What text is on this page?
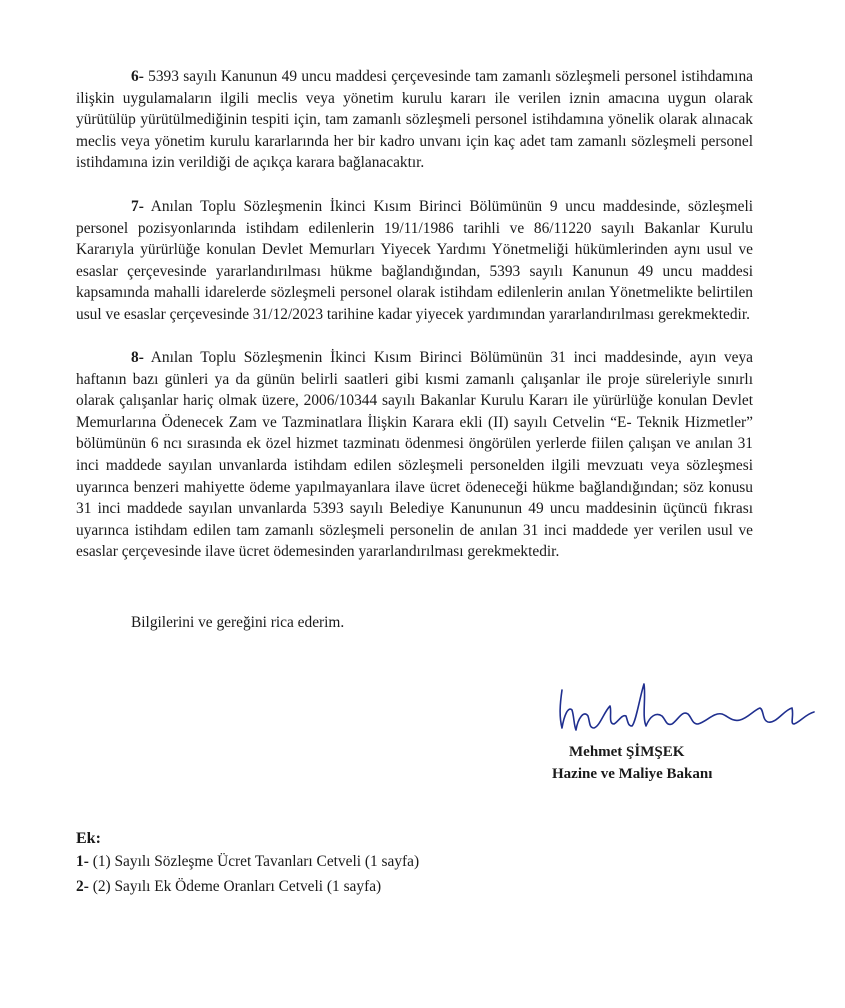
6- 5393 sayılı Kanunun 49 uncu maddesi çerçevesinde tam zamanlı sözleşmeli personel istihdamına ilişkin uygulamaların ilgili meclis veya yönetim kurulu kararı ile verilen iznin amacına uygun olarak yürütülüp yürütülmediğinin tespiti için, tam zamanlı sözleşmeli personel istihdamına yönelik olarak alınacak meclis veya yönetim kurulu kararlarında her bir kadro unvanı için kaç adet tam zamanlı sözleşmeli personel istihdamına izin verildiği de açıkça karara bağlanacaktır.

7- Anılan Toplu Sözleşmenin İkinci Kısım Birinci Bölümünün 9 uncu maddesinde, sözleşmeli personel pozisyonlarında istihdam edilenlerin 19/11/1986 tarihli ve 86/11220 sayılı Bakanlar Kurulu Kararıyla yürürlüğe konulan Devlet Memurları Yiyecek Yardımı Yönetmeliği hükümlerinden aynı usul ve esaslar çerçevesinde yararlandırılması hükme bağlandığından, 5393 sayılı Kanunun 49 uncu maddesi kapsamında mahalli idarelerde sözleşmeli personel olarak istihdam edilenlerin anılan Yönetmelikte belirtilen usul ve esaslar çerçevesinde 31/12/2023 tarihine kadar yiyecek yardımından yararlandırılması gerekmektedir.

8- Anılan Toplu Sözleşmenin İkinci Kısım Birinci Bölümünün 31 inci maddesinde, ayın veya haftanın bazı günleri ya da günün belirli saatleri gibi kısmi zamanlı çalışanlar ile proje süreleriyle sınırlı olarak çalışanlar hariç olmak üzere, 2006/10344 sayılı Bakanlar Kurulu Kararı ile yürürlüğe konulan Devlet Memurlarına Ödenecek Zam ve Tazminatlara İlişkin Karara ekli (II) sayılı Cetvelin “E- Teknik Hizmetler” bölümünün 6 ncı sırasında ek özel hizmet tazminatı ödenmesi öngörülen yerlerde fiilen çalışan ve anılan 31 inci maddede sayılan unvanlarda istihdam edilen sözleşmeli personelden ilgili mevzuatı veya sözleşmesi uyarınca benzeri mahiyette ödeme yapılmayanlara ilave ücret ödeneceği hükme bağlandığından; söz konusu 31 inci maddede sayılan unvanlarda 5393 sayılı Belediye Kanununun 49 uncu maddesinin üçüncü fıkrası uyarınca istihdam edilen tam zamanlı sözleşmeli personelin de anılan 31 inci maddede yer verilen usul ve esaslar çerçevesinde ilave ücret ödemesinden yararlandırılması gerekmektedir.

Bilgilerini ve gereğini rica ederim.

Mehmet ŞİMŞEK
Hazine ve Maliye Bakanı
Ek:
1- (1) Sayılı Sözleşme Ücret Tavanları Cetveli (1 sayfa)
2- (2) Sayılı Ek Ödeme Oranları Cetveli (1 sayfa)
